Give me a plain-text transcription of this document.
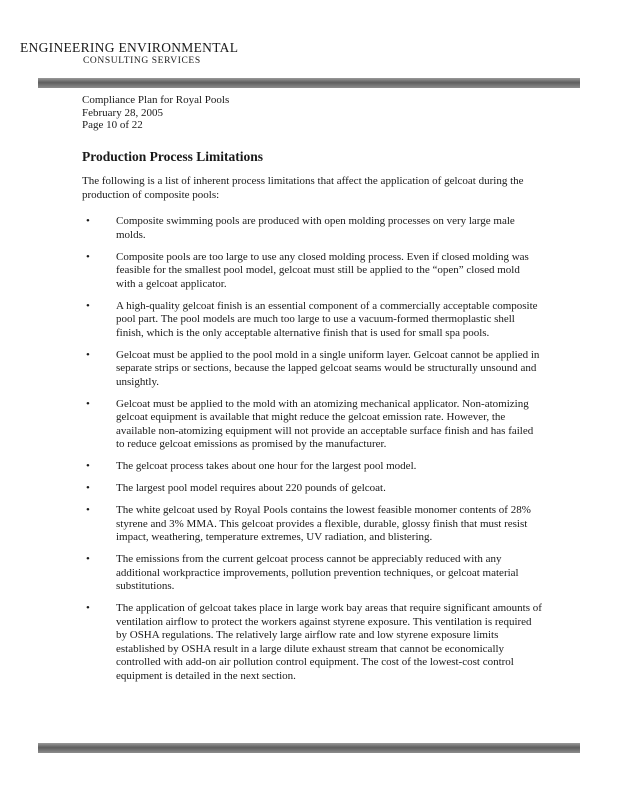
ENGINEERING ENVIRONMENTAL
CONSULTING SERVICES
Compliance Plan for Royal Pools
February 28, 2005
Page 10 of 22
Production Process Limitations
The following is a list of inherent process limitations that affect the application of gelcoat during the production of composite pools:
• Composite swimming pools are produced with open molding processes on very large male molds.
• Composite pools are too large to use any closed molding process. Even if closed molding was feasible for the smallest pool model, gelcoat must still be applied to the “open” closed mold with a gelcoat applicator.
• A high-quality gelcoat finish is an essential component of a commercially acceptable composite pool part. The pool models are much too large to use a vacuum-formed thermoplastic shell finish, which is the only acceptable alternative finish that is used for small spa pools.
• Gelcoat must be applied to the pool mold in a single uniform layer. Gelcoat cannot be applied in separate strips or sections, because the lapped gelcoat seams would be structurally unsound and unsightly.
• Gelcoat must be applied to the mold with an atomizing mechanical applicator. Non-atomizing gelcoat equipment is available that might reduce the gelcoat emission rate. However, the available non-atomizing equipment will not provide an acceptable surface finish and has failed to reduce gelcoat emissions as promised by the manufacturer.
• The gelcoat process takes about one hour for the largest pool model.
• The largest pool model requires about 220 pounds of gelcoat.
• The white gelcoat used by Royal Pools contains the lowest feasible monomer contents of 28% styrene and 3% MMA. This gelcoat provides a flexible, durable, glossy finish that must resist impact, weathering, temperature extremes, UV radiation, and blistering.
• The emissions from the current gelcoat process cannot be appreciably reduced with any additional workpractice improvements, pollution prevention techniques, or gelcoat material substitutions.
• The application of gelcoat takes place in large work bay areas that require significant amounts of ventilation airflow to protect the workers against styrene exposure. This ventilation is required by OSHA regulations. The relatively large airflow rate and low styrene exposure limits established by OSHA result in a large dilute exhaust stream that cannot be economically controlled with add-on air pollution control equipment. The cost of the lowest-cost control equipment is detailed in the next section.
